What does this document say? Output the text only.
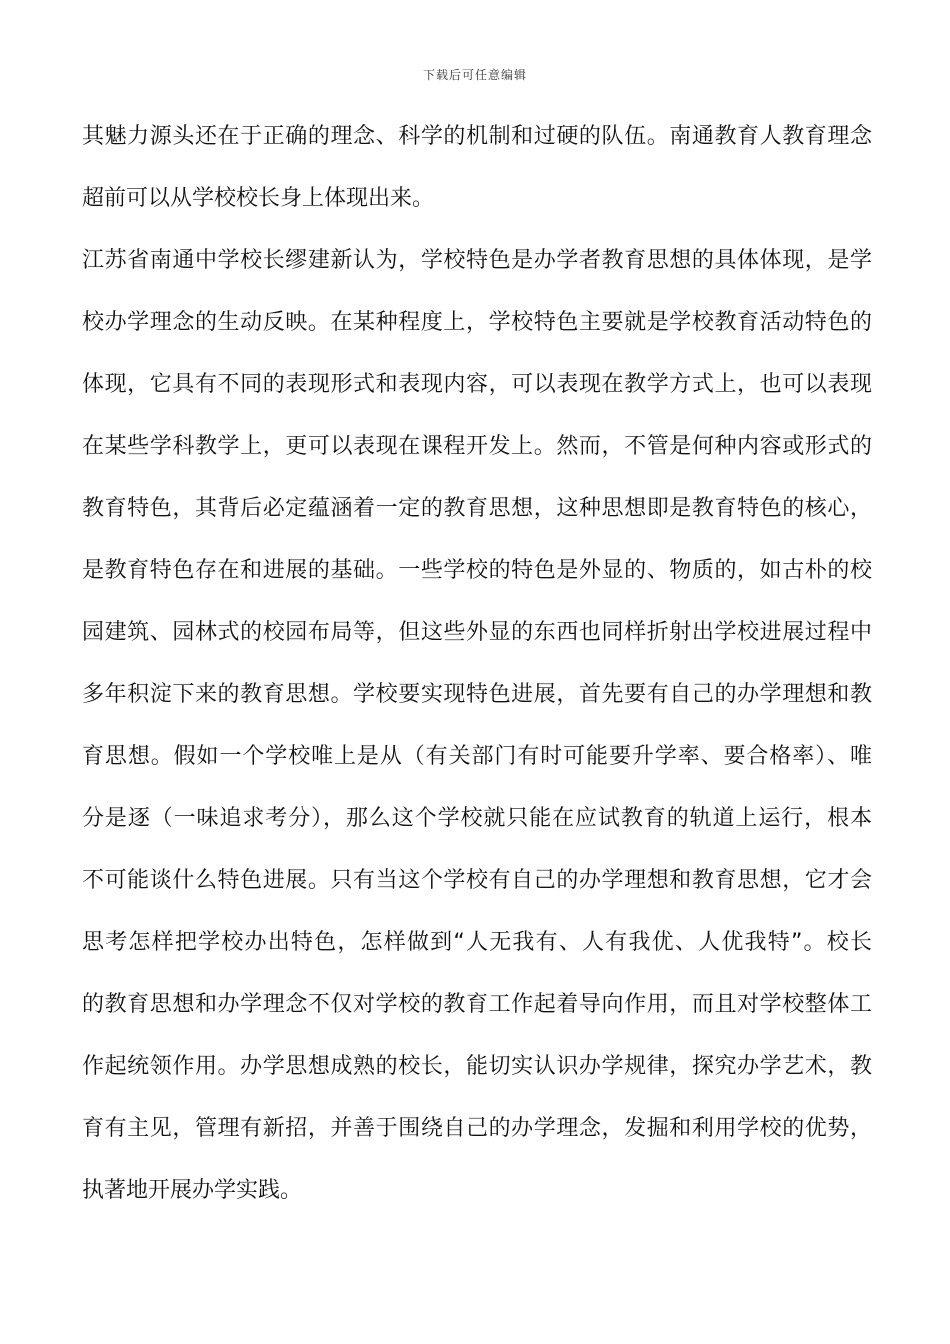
下载后可任意编辑
其魅力源头还在于正确的理念、科学的机制和过硬的队伍。南通教育人教育理念
超前可以从学校校长身上体现出来。
江苏省南通中学校长缪建新认为，学校特色是办学者教育思想的具体体现，是学
校办学理念的生动反映。在某种程度上，学校特色主要就是学校教育活动特色的
体现，它具有不同的表现形式和表现内容，可以表现在教学方式上，也可以表现
在某些学科教学上，更可以表现在课程开发上。然而，不管是何种内容或形式的
教育特色，其背后必定蕴涵着一定的教育思想，这种思想即是教育特色的核心，
是教育特色存在和进展的基础。一些学校的特色是外显的、物质的，如古朴的校
园建筑、园林式的校园布局等，但这些外显的东西也同样折射出学校进展过程中
多年积淀下来的教育思想。学校要实现特色进展，首先要有自己的办学理想和教
育思想。假如一个学校唯上是从（有关部门有时可能要升学率、要合格率）、唯
分是逐（一味追求考分），那么这个学校就只能在应试教育的轨道上运行，根本
不可能谈什么特色进展。只有当这个学校有自己的办学理想和教育思想，它才会
思考怎样把学校办出特色，怎样做到“人无我有、人有我优、人优我特”。校长
的教育思想和办学理念不仅对学校的教育工作起着导向作用，而且对学校整体工
作起统领作用。办学思想成熟的校长，能切实认识办学规律，探究办学艺术，教
育有主见，管理有新招，并善于围绕自己的办学理念，发掘和利用学校的优势，
执著地开展办学实践。
